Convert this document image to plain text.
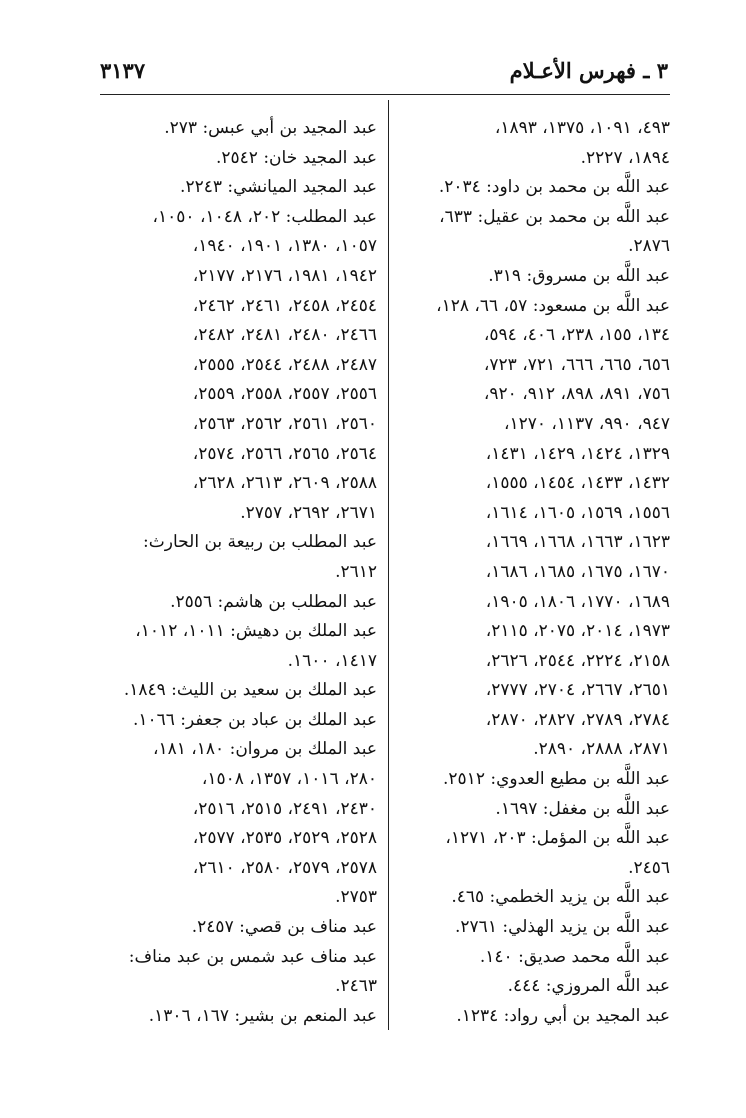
٣ ـ فهرس الأعـلام
٣١٣٧
٤٩٣، ١٠٩١، ١٣٧٥، ١٨٩٣،
١٨٩٤، ٢٢٢٧.
عبد اللَّه بن محمد بن داود: ٢٠٣٤.
عبد اللَّه بن محمد بن عقيل: ٦٣٣،
٢٨٧٦.
عبد اللَّه بن مسروق: ٣١٩.
عبد اللَّه بن مسعود: ٥٧، ٦٦، ١٢٨،
١٣٤، ١٥٥، ٢٣٨، ٤٠٦، ٥٩٤،
٦٥٦، ٦٦٥، ٦٦٦، ٧٢١، ٧٢٣،
٧٥٦، ٨٩١، ٨٩٨، ٩١٢، ٩٢٠،
٩٤٧، ٩٩٠، ١١٣٧، ١٢٧٠،
١٣٢٩، ١٤٢٤، ١٤٢٩، ١٤٣١،
١٤٣٢، ١٤٣٣، ١٤٥٤، ١٥٥٥،
١٥٥٦، ١٥٦٩، ١٦٠٥، ١٦١٤،
١٦٢٣، ١٦٦٣، ١٦٦٨، ١٦٦٩،
١٦٧٠، ١٦٧٥، ١٦٨٥، ١٦٨٦،
١٦٨٩، ١٧٧٠، ١٨٠٦، ١٩٠٥،
١٩٧٣، ٢٠١٤، ٢٠٧٥، ٢١١٥،
٢١٥٨، ٢٢٢٤، ٢٥٤٤، ٢٦٢٦،
٢٦٥١، ٢٦٦٧، ٢٧٠٤، ٢٧٧٧،
٢٧٨٤، ٢٧٨٩، ٢٨٢٧، ٢٨٧٠،
٢٨٧١، ٢٨٨٨، ٢٨٩٠.
عبد اللَّه بن مطيع العدوي: ٢٥١٢.
عبد اللَّه بن مغفل: ١٦٩٧.
عبد اللَّه بن المؤمل: ٢٠٣، ١٢٧١،
٢٤٥٦.
عبد اللَّه بن يزيد الخطمي: ٤٦٥.
عبد اللَّه بن يزيد الهذلي: ٢٧٦١.
عبد اللَّه محمد صديق: ١٤٠.
عبد اللَّه المروزي: ٤٤٤.
عبد المجيد بن أبي رواد: ١٢٣٤.
عبد المجيد بن أبي عبس: ٢٧٣.
عبد المجيد خان: ٢٥٤٢.
عبد المجيد الميانشي: ٢٢٤٣.
عبد المطلب: ٢٠٢، ١٠٤٨، ١٠٥٠،
١٠٥٧، ١٣٨٠، ١٩٠١، ١٩٤٠،
١٩٤٢، ١٩٨١، ٢١٧٦، ٢١٧٧،
٢٤٥٤، ٢٤٥٨، ٢٤٦١، ٢٤٦٢،
٢٤٦٦، ٢٤٨٠، ٢٤٨١، ٢٤٨٢،
٢٤٨٧، ٢٤٨٨، ٢٥٤٤، ٢٥٥٥،
٢٥٥٦، ٢٥٥٧، ٢٥٥٨، ٢٥٥٩،
٢٥٦٠، ٢٥٦١، ٢٥٦٢، ٢٥٦٣،
٢٥٦٤، ٢٥٦٥، ٢٥٦٦، ٢٥٧٤،
٢٥٨٨، ٢٦٠٩، ٢٦١٣، ٢٦٢٨،
٢٦٧١، ٢٦٩٢، ٢٧٥٧.
عبد المطلب بن ربيعة بن الحارث:
٢٦١٢.
عبد المطلب بن هاشم: ٢٥٥٦.
عبد الملك بن دهيش: ١٠١١، ١٠١٢،
١٤١٧، ١٦٠٠.
عبد الملك بن سعيد بن الليث: ١٨٤٩.
عبد الملك بن عباد بن جعفر: ١٠٦٦.
عبد الملك بن مروان: ١٨٠، ١٨١،
٢٨٠، ١٠١٦، ١٣٥٧، ١٥٠٨،
٢٤٣٠، ٢٤٩١، ٢٥١٥، ٢٥١٦،
٢٥٢٨، ٢٥٢٩، ٢٥٣٥، ٢٥٧٧،
٢٥٧٨، ٢٥٧٩، ٢٥٨٠، ٢٦١٠،
٢٧٥٣.
عبد مناف بن قصي: ٢٤٥٧.
عبد مناف عبد شمس بن عبد مناف:
٢٤٦٣.
عبد المنعم بن بشير: ١٦٧، ١٣٠٦.
